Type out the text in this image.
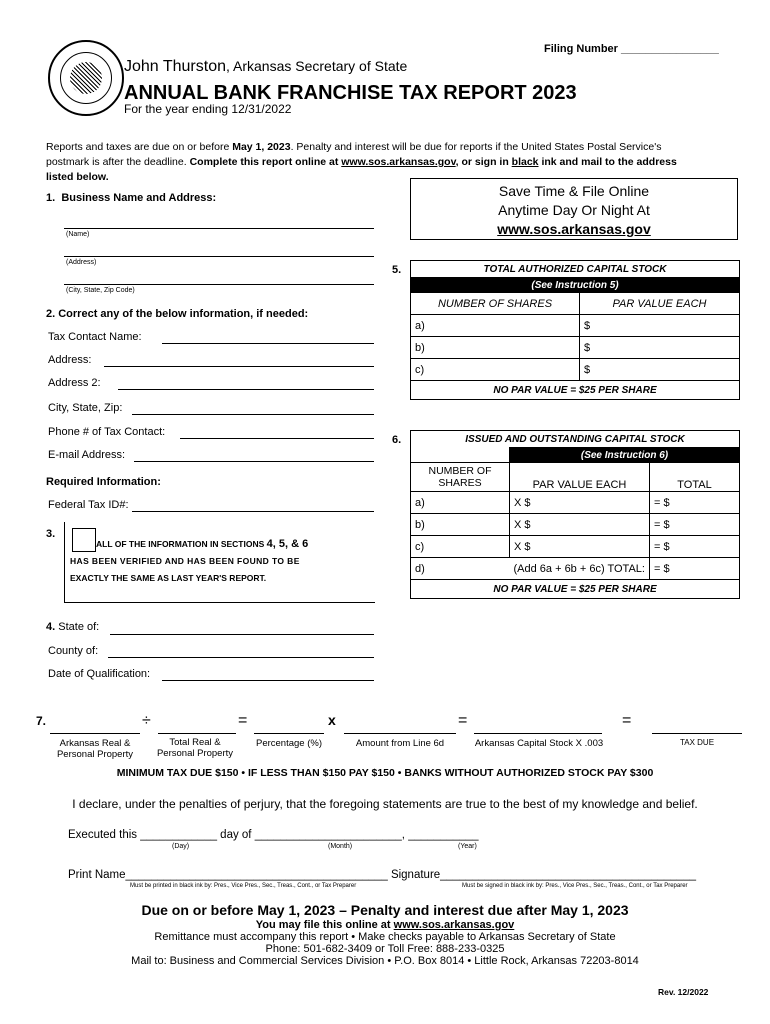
Filing Number ________________
John Thurston, Arkansas Secretary of State
ANNUAL BANK FRANCHISE TAX REPORT 2023
For the year ending 12/31/2022
Reports and taxes are due on or before May 1, 2023. Penalty and interest will be due for reports if the United States Postal Service's
postmark is after the deadline. Complete this report online at www.sos.arkansas.gov, or sign in black ink and mail to the address
listed below.
Save Time & File Online
Anytime Day Or Night At
www.sos.arkansas.gov
1. Business Name and Address:
(Name)
(Address)
(City, State, Zip Code)
2. Correct any of the below information, if needed:
Tax Contact Name:
Address:
Address 2:
City, State, Zip:
Phone # of Tax Contact:
E-mail Address:
Required Information:
Federal Tax ID#:
3.
ALL OF THE INFORMATION IN SECTIONS 4, 5, & 6
HAS BEEN VERIFIED AND HAS BEEN FOUND TO BE
EXACTLY THE SAME AS LAST YEAR'S REPORT.
4. State of:
County of:
Date of Qualification:
5.	TOTAL AUTHORIZED CAPITAL STOCK	
(See Instruction 5)	
NUMBER OF SHARES	PAR VALUE EACH
a)	$
b)	$
c)	$
NO PAR VALUE = $25 PER SHARE	
6.	ISSUED AND OUTSTANDING CAPITAL STOCK		
	(See Instruction 6)	
NUMBER OF SHARES	PAR VALUE EACH	TOTAL
a)	X $	= $
b)	X $	= $
c)	X $	= $
d)	(Add 6a + 6b + 6c) TOTAL:	= $
NO PAR VALUE = $25 PER SHARE		
7.	÷	=	x	=	=
Arkansas Real & Personal Property
Total Real & Personal Property
Percentage (%)	Amount from Line 6d	Arkansas Capital Stock X .003	TAX DUE
MINIMUM TAX DUE $150 • IF LESS THAN $150 PAY $150 • BANKS WITHOUT AUTHORIZED STOCK PAY $300
I declare, under the penalties of perjury, that the foregoing statements are true to the best of my knowledge and belief.
Executed this ____________ day of _______________________, ___________
(Day)	(Month)	(Year)
Print Name_________________________________________ Signature________________________________________
Must be printed in black ink by: Pres., Vice Pres., Sec., Treas., Cont., or Tax Preparer	Must be signed in black ink by: Pres., Vice Pres., Sec., Treas., Cont., or Tax Preparer
Due on or before May 1, 2023 – Penalty and interest due after May 1, 2023
You may file this online at www.sos.arkansas.gov
Remittance must accompany this report • Make checks payable to Arkansas Secretary of State
Phone: 501-682-3409 or Toll Free: 888-233-0325
Mail to: Business and Commercial Services Division • P.O. Box 8014 • Little Rock, Arkansas 72203-8014
Rev. 12/2022
